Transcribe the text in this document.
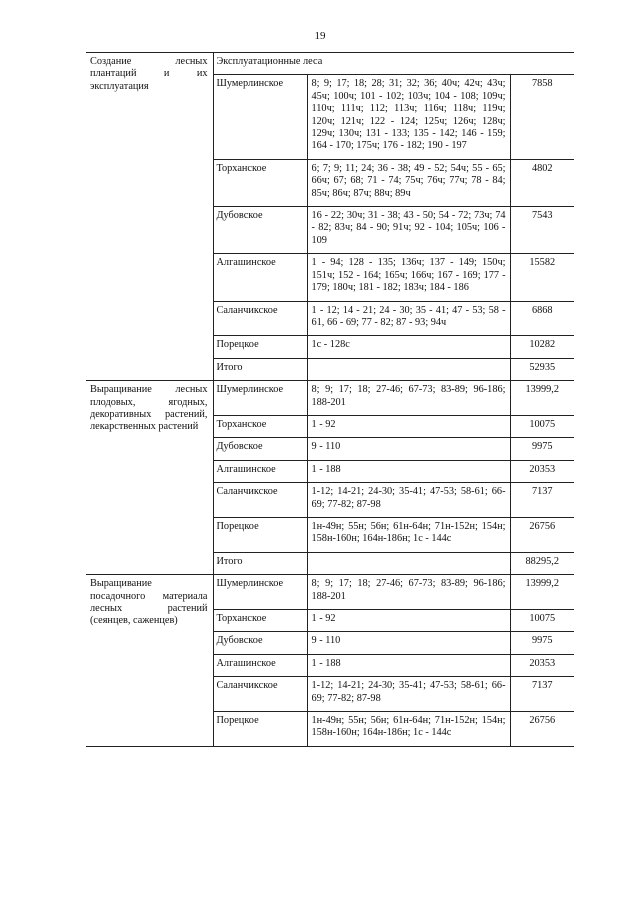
19
Создание лесных плантаций и их эксплуатация	Эксплуатационные леса		
	Шумерлинское	8; 9; 17; 18; 28; 31; 32; 36; 40ч; 42ч; 43ч; 45ч; 100ч; 101 - 102; 103ч; 104 - 108; 109ч; 110ч; 111ч; 112; 113ч; 116ч; 118ч; 119ч; 120ч; 121ч; 122 - 124; 125ч; 126ч; 128ч; 129ч; 130ч; 131 - 133; 135 - 142; 146 - 159; 164 - 170; 175ч; 176 - 182; 190 - 197	7858
	Торханское	6; 7; 9; 11; 24; 36 - 38; 49 - 52; 54ч; 55 - 65; 66ч; 67; 68; 71 - 74; 75ч; 76ч; 77ч; 78 - 84; 85ч; 86ч; 87ч; 88ч; 89ч	4802
	Дубовское	16 - 22; 30ч; 31 - 38; 43 - 50; 54 - 72; 73ч; 74 - 82; 83ч; 84 - 90; 91ч; 92 - 104; 105ч; 106 - 109	7543
	Алгашинское	1 - 94; 128 - 135; 136ч; 137 - 149; 150ч; 151ч; 152 - 164; 165ч; 166ч; 167 - 169; 177 - 179; 180ч; 181 - 182; 183ч; 184 - 186	15582
	Саланчикское	1 - 12; 14 - 21; 24 - 30; 35 - 41; 47 - 53; 58 - 61, 66 - 69; 77 - 82; 87 - 93; 94ч	6868
	Порецкое	1с - 128с	10282
	Итого		52935
Выращивание лесных плодовых, ягодных, декоративных растений, лекарственных растений	Шумерлинское	8; 9; 17; 18; 27-46; 67-73; 83-89; 96-186; 188-201	13999,2
	Торханское	1 - 92	10075
	Дубовское	9 - 110	9975
	Алгашинское	1 - 188	20353
	Саланчикское	1-12; 14-21; 24-30; 35-41; 47-53; 58-61; 66-69; 77-82; 87-98	7137
	Порецкое	1н-49н; 55н; 56н; 61н-64н; 71н-152н; 154н; 158н-160н; 164н-186н; 1с - 144с	26756
	Итого		88295,2
Выращивание посадочного материала лесных растений (сеянцев, саженцев)	Шумерлинское	8; 9; 17; 18; 27-46; 67-73; 83-89; 96-186; 188-201	13999,2
	Торханское	1 - 92	10075
	Дубовское	9 - 110	9975
	Алгашинское	1 - 188	20353
	Саланчикское	1-12; 14-21; 24-30; 35-41; 47-53; 58-61; 66-69; 77-82; 87-98	7137
	Порецкое	1н-49н; 55н; 56н; 61н-64н; 71н-152н; 154н; 158н-160н; 164н-186н; 1с - 144с	26756
